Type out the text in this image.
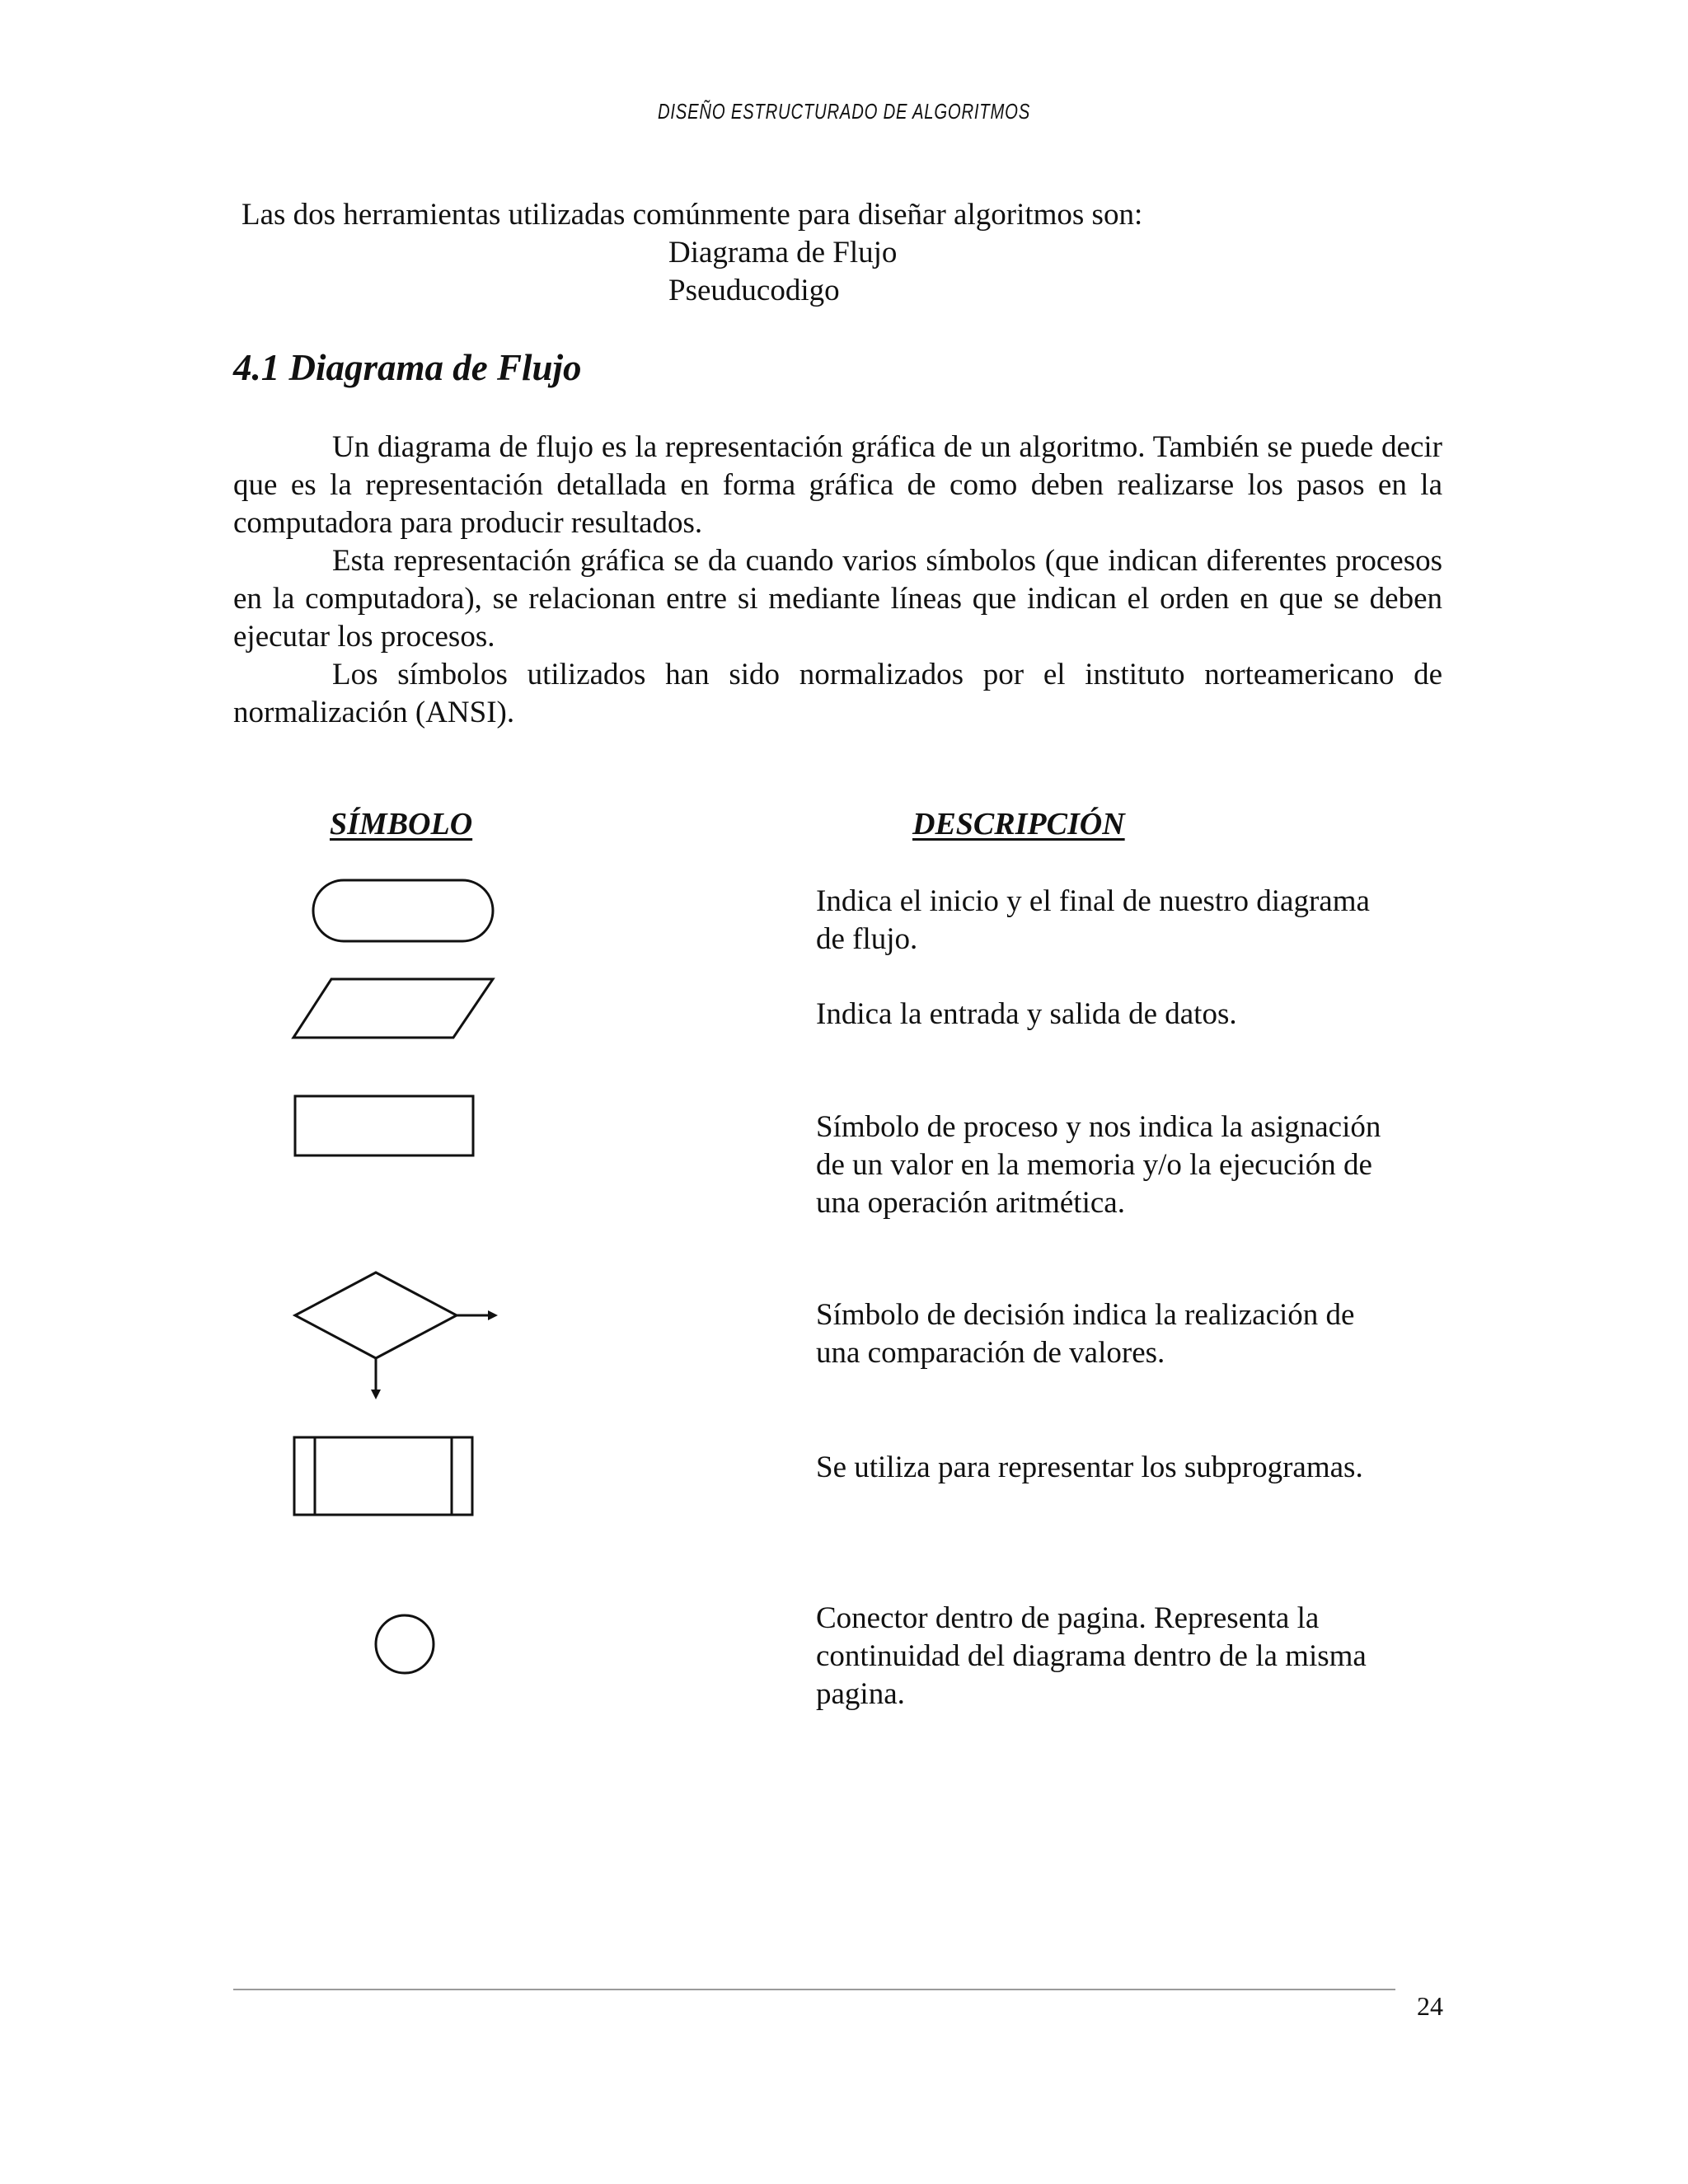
DISEÑO ESTRUCTURADO DE ALGORITMOS
Las dos herramientas utilizadas comúnmente para diseñar algoritmos son:
Diagrama de Flujo
Pseuducodigo
4.1 Diagrama de Flujo

Un diagrama de flujo es la representación gráfica de un algoritmo. También se puede decir que es la representación detallada en forma gráfica de como deben realizarse los pasos en la computadora para producir resultados.

Esta representación gráfica se da cuando varios símbolos (que indican diferentes procesos en la computadora), se relacionan entre si mediante líneas que indican el orden en que se deben ejecutar los procesos.

Los símbolos utilizados han sido normalizados por el instituto norteamericano de normalización (ANSI).

SÍMBOLO	DESCRIPCIÓN
Indica el inicio y el final de nuestro diagrama
de flujo.
Indica la entrada y salida de datos.
Símbolo de proceso y nos indica la asignación
de un valor en la memoria y/o la ejecución de
una operación aritmética.
Símbolo de decisión indica la realización de
una comparación de valores.
Se utiliza para representar los subprogramas.
Conector dentro de pagina. Representa la
continuidad del diagrama dentro de la misma
pagina.
24
